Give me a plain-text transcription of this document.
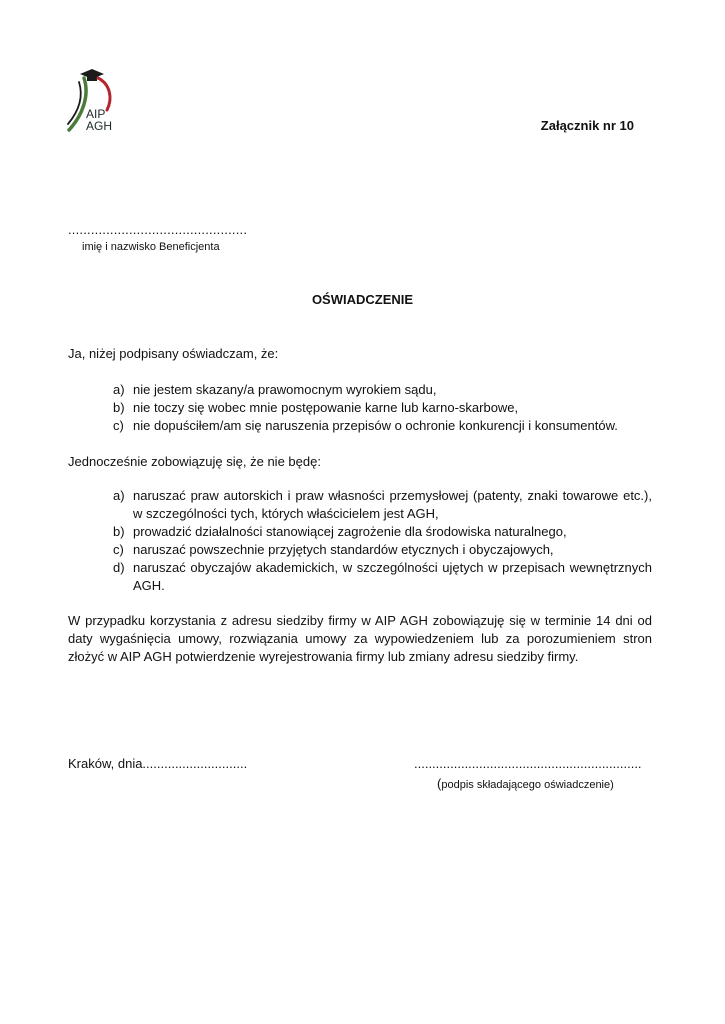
AIP
AGH	Załącznik nr 10
...............................................
imię i nazwisko Beneficjenta
OŚWIADCZENIE
Ja, niżej podpisany oświadczam, że:
a) nie jestem skazany/a prawomocnym wyrokiem sądu,
b) nie toczy się wobec mnie postępowanie karne lub karno-skarbowe,
c) nie dopuściłem/am się naruszenia przepisów o ochronie konkurencji i konsumentów.
Jednocześnie zobowiązuję się, że nie będę:
a) naruszać praw autorskich i praw własności przemysłowej (patenty, znaki towarowe etc.), w szczególności tych, których właścicielem jest AGH,
b) prowadzić działalności stanowiącej zagrożenie dla środowiska naturalnego,
c) naruszać powszechnie przyjętych standardów etycznych i obyczajowych,
d) naruszać obyczajów akademickich, w szczególności ujętych w przepisach wewnętrznych AGH.
W przypadku korzystania z adresu siedziby firmy w AIP AGH zobowiązuję się w terminie 14 dni od daty wygaśnięcia umowy, rozwiązania umowy za wypowiedzeniem lub za porozumieniem stron złożyć w AIP AGH potwierdzenie wyrejestrowania firmy lub zmiany adresu siedziby firmy.
Kraków, dnia.............................	...............................................................
(podpis składającego oświadczenie)
